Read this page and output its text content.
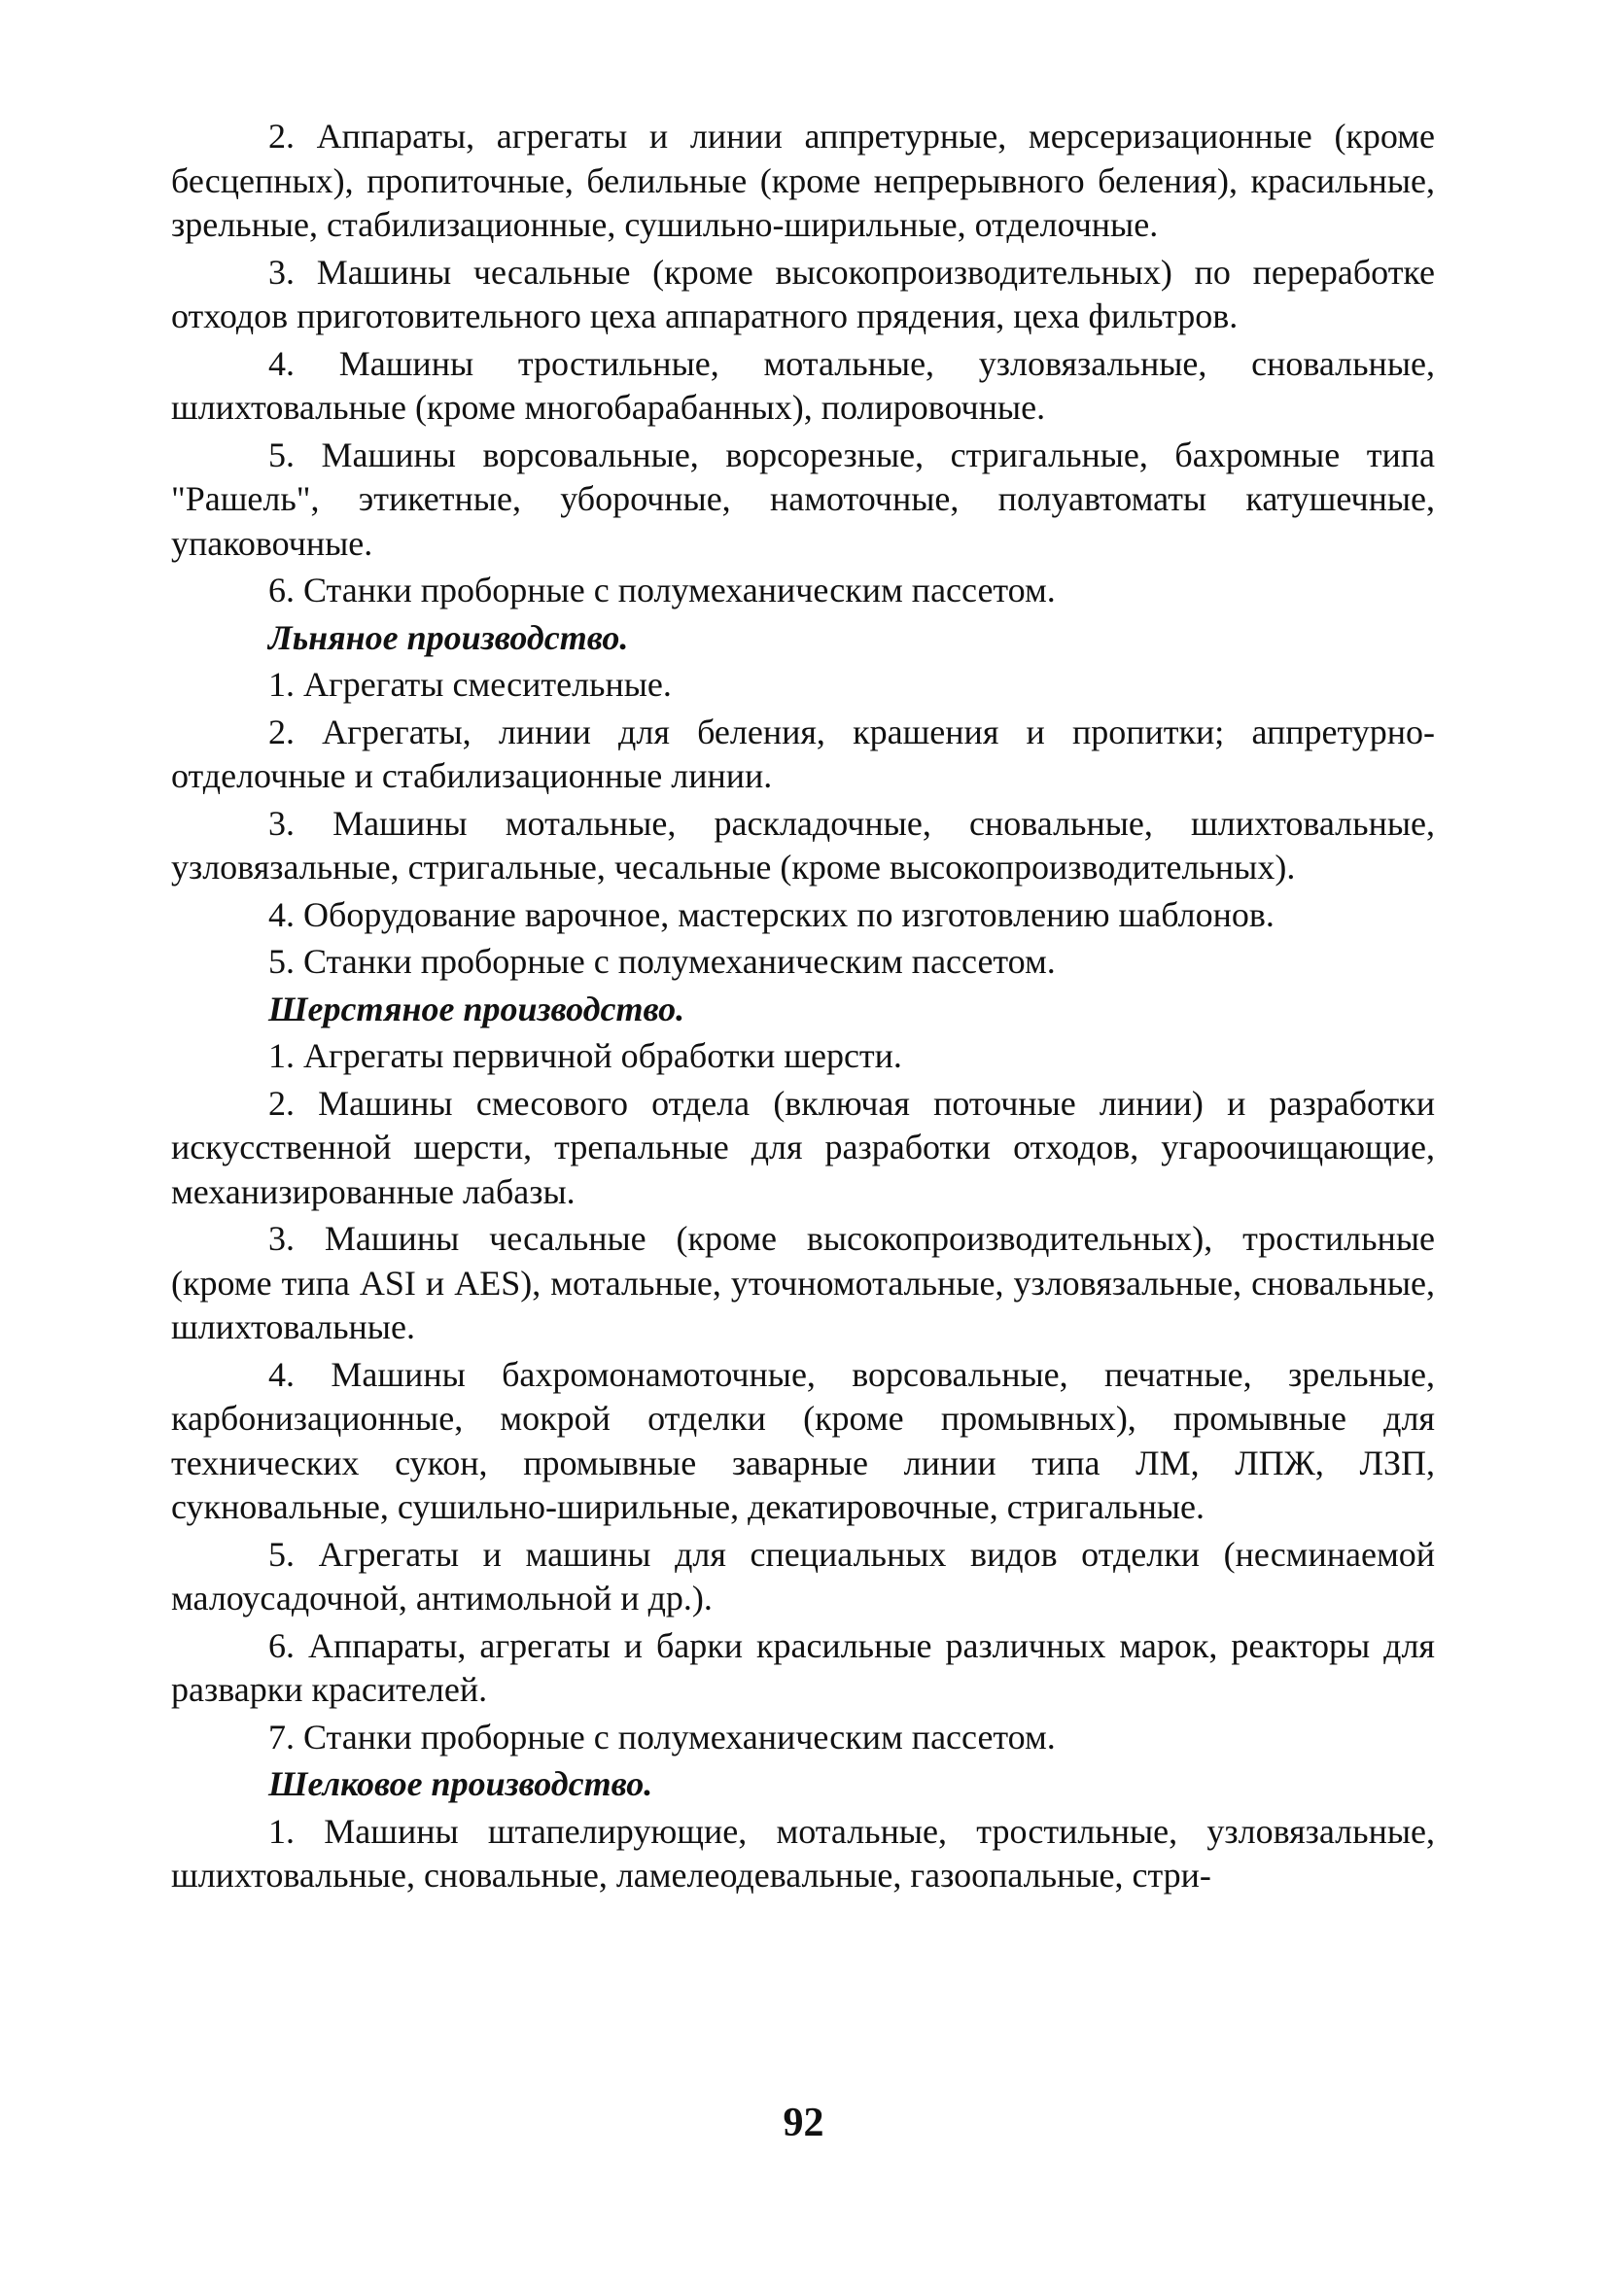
2. Аппараты, агрегаты и линии аппретурные, мерсеризационные (кроме бесцепных), пропиточные, белильные (кроме непрерывного беления), красильные, зрельные, стабилизационные, сушильно-ширильные, отделочные.

3. Машины чесальные (кроме высокопроизводительных) по переработке отходов приготовительного цеха аппаратного прядения, цеха фильтров.

4. Машины тростильные, мотальные, узловязальные, сновальные, шлихтовальные (кроме многобарабанных), полировочные.

5. Машины ворсовальные, ворсорезные, стригальные, бахромные типа "Рашель", этикетные, уборочные, намоточные, полуавтоматы катушечные, упаковочные.

6. Станки проборные с полумеханическим пассетом.

Льняное производство.

1. Агрегаты смесительные.

2. Агрегаты, линии для беления, крашения и пропитки; аппретурно-отделочные и стабилизационные линии.

3. Машины мотальные, раскладочные, сновальные, шлихтовальные, узловязальные, стригальные, чесальные (кроме высокопроизводительных).

4. Оборудование варочное, мастерских по изготовлению шаблонов.

5. Станки проборные с полумеханическим пассетом.

Шерстяное производство.

1. Агрегаты первичной обработки шерсти.

2. Машины смесового отдела (включая поточные линии) и разработки искусственной шерсти, трепальные для разработки отходов, угароочищающие, механизированные лабазы.

3. Машины чесальные (кроме высокопроизводительных), тростильные (кроме типа ASI и AES), мотальные, уточномотальные, узловязальные, сновальные, шлихтовальные.

4. Машины бахромонамоточные, ворсовальные, печатные, зрельные, карбонизационные, мокрой отделки (кроме промывных), промывные для технических сукон, промывные заварные линии типа ЛМ, ЛПЖ, ЛЗП, сукновальные, сушильно-ширильные, декатировочные, стригальные.

5. Агрегаты и машины для специальных видов отделки (несминаемой малоусадочной, антимольной и др.).

6. Аппараты, агрегаты и барки красильные различных марок, реакторы для разварки красителей.

7. Станки проборные с полумеханическим пассетом.

Шелковое производство.

1. Машины штапелирующие, мотальные, тростильные, узловязальные, шлихтовальные, сновальные, ламелеодевальные, газоопальные, стри-

92
